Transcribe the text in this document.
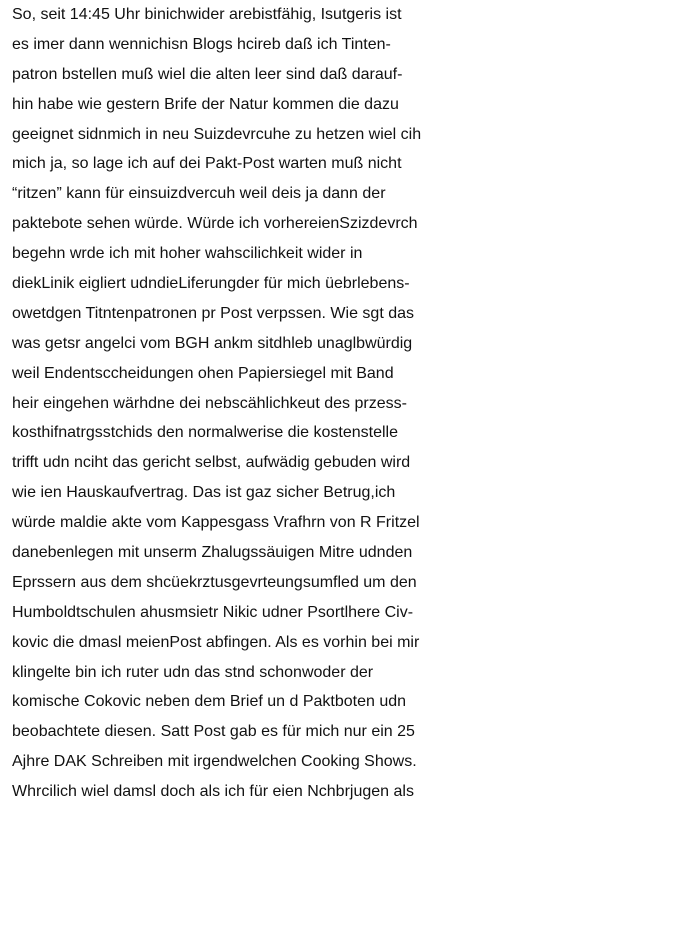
So, seit 14:45 Uhr binichwider arebistfähig, Isutgeris ist
es imer dann wennichisn Blogs hcireb daß ich Tinten-
patron bstellen muß wiel die alten leer sind daß darauf-
hin habe wie gestern Brife der Natur kommen die dazu
geeignet sidnmich in neu Suizdevrcuhe zu hetzen wiel cih
mich ja, so lage ich auf dei Pakt-Post warten muß nicht
“ritzen” kann für einsuizdvercuh weil deis ja dann der
paktebote sehen würde. Würde ich vorhereienSzizdevrch
begehn wrde ich mit hoher wahscilichkeit wider in
diekLinik eigliert udndieLiferungder für mich üebrlebens-
owetdgen Titntenpatronen pr Post verpssen. Wie sgt das
was getsr angelci vom BGH ankm sitdhleb unaglbwürdig
weil Endentsccheidungen ohen Papiersiegel mit Band
heir eingehen wärhdne dei nebscählichkeut des przess-
kosthifnatrgsstchids den normalwerise die kostenstelle
trifft udn nciht das gericht selbst, aufwädig gebuden wird
wie ien Hauskaufvertrag. Das ist gaz sicher Betrug,ich
würde maldie akte vom Kappesgass Vrafhrn von R Fritzel
danebenlegen mit unserm Zhalugssäuigen Mitre udnden
Eprssern aus dem shcüekrztusgevrteungsumfled um den
Humboldtschulen ahusmsietr Nikic udner Psortlhere Civ-
kovic die dmasl meienPost abfingen. Als es vorhin bei mir
klingelte bin ich ruter udn das stnd schonwoder der
komische Cokovic neben dem Brief un d Paktboten udn
beobachtete diesen. Satt Post gab es für mich nur ein 25
Ajhre DAK Schreiben mit irgendwelchen Cooking Shows.
Whrcilich wiel damsl doch als ich für eien Nchbrjugen als
